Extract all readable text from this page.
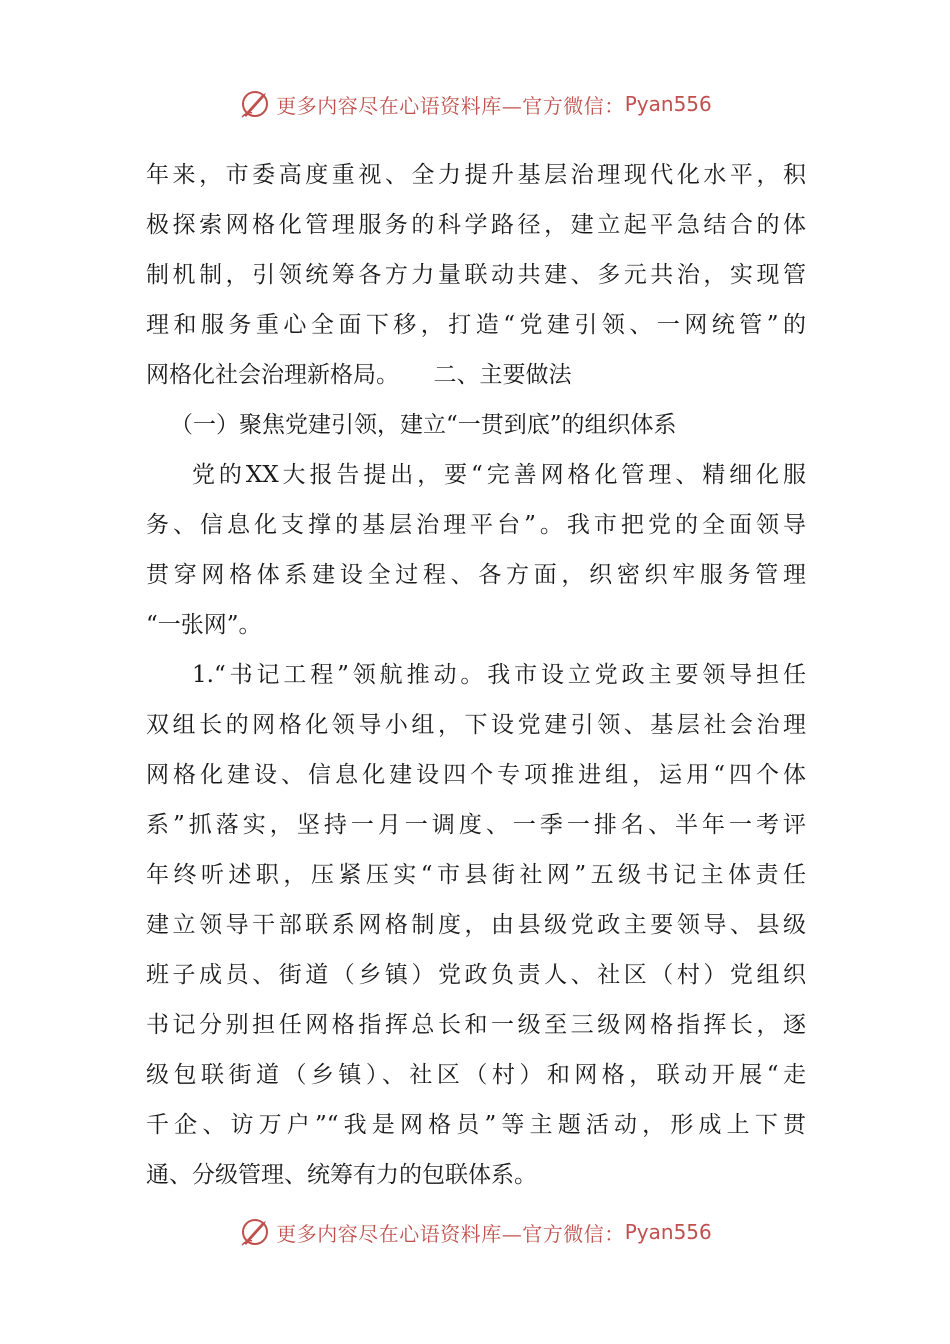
更多内容尽在心语资料库—官方微信： Pyan556
年来，市委高度重视、全力提升基层治理现代化水平，积
极探索网格化管理服务的科学路径，建立起平急结合的体
制机制，引领统筹各方力量联动共建、多元共治，实现管
理和服务重心全面下移，打造“党建引领、一网统管”的
网格化社会治理新格局。　　二、主要做法
（一）聚焦党建引领，建立“一贯到底”的组织体系
党的XX大报告提出，要“完善网格化管理、精细化服
务、信息化支撑的基层治理平台”。我市把党的全面领导
贯穿网格体系建设全过程、各方面，织密织牢服务管理
“一张网”。
1.“书记工程”领航推动。我市设立党政主要领导担任
双组长的网格化领导小组，下设党建引领、基层社会治理
网格化建设、信息化建设四个专项推进组，运用“四个体
系”抓落实，坚持一月一调度、一季一排名、半年一考评
年终听述职，压紧压实“市县街社网”五级书记主体责任
建立领导干部联系网格制度，由县级党政主要领导、县级
班子成员、街道（乡镇）党政负责人、社区（村）党组织
书记分别担任网格指挥总长和一级至三级网格指挥长，逐
级包联街道（乡镇）、社区（村）和网格，联动开展“走
千企、访万户”“我是网格员”等主题活动，形成上下贯
通、分级管理、统筹有力的包联体系。
更多内容尽在心语资料库—官方微信： Pyan556
